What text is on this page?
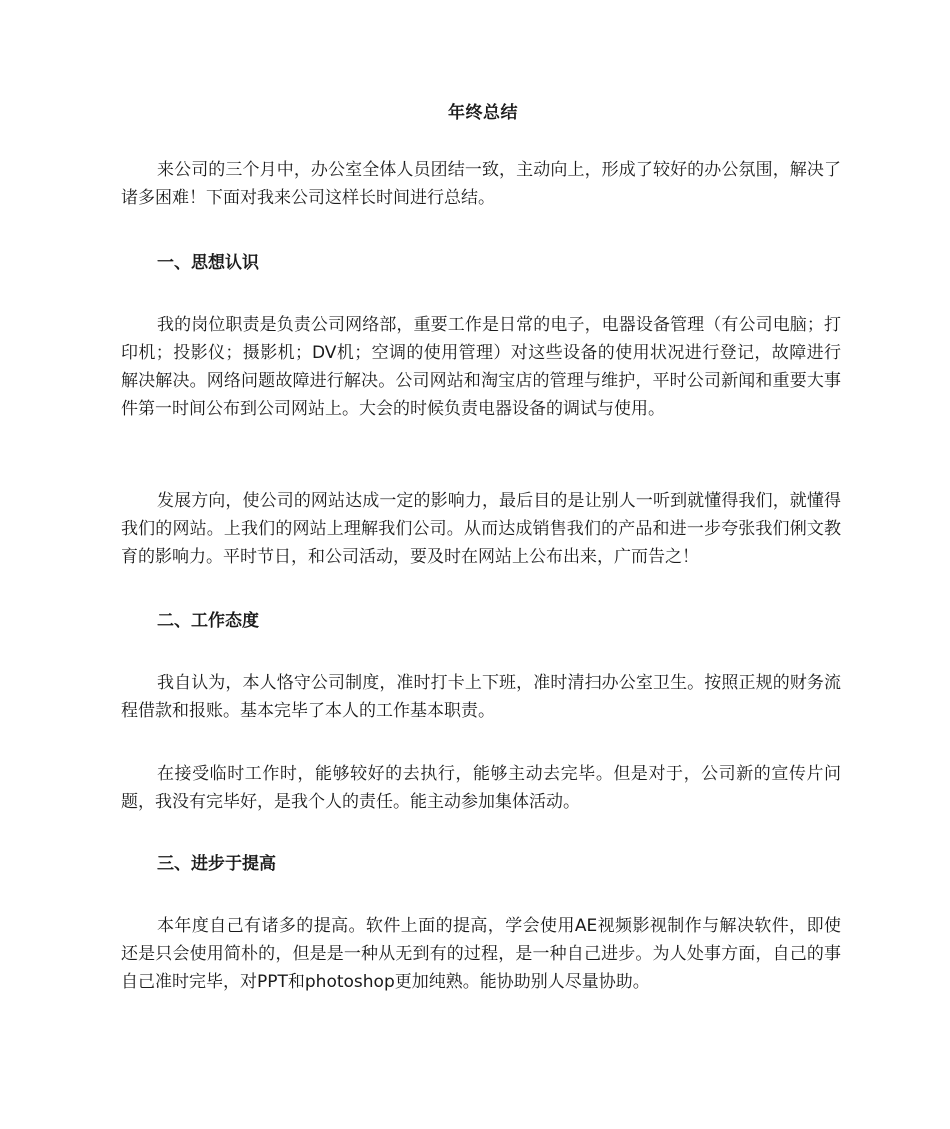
年终总结
来公司的三个月中，办公室全体人员团结一致，主动向上，形成了较好的办公氛围，解决了诸多困难！下面对我来公司这样长时间进行总结。
一、思想认识
我的岗位职责是负责公司网络部，重要工作是日常的电子，电器设备管理（有公司电脑；打印机；投影仪；摄影机；DV机；空调的使用管理）对这些设备的使用状况进行登记，故障进行解决解决。网络问题故障进行解决。公司网站和淘宝店的管理与维护，平时公司新闻和重要大事件第一时间公布到公司网站上。大会的时候负责电器设备的调试与使用。
发展方向，使公司的网站达成一定的影响力，最后目的是让别人一听到就懂得我们，就懂得我们的网站。上我们的网站上理解我们公司。从而达成销售我们的产品和进一步夸张我们俐文教育的影响力。平时节日，和公司活动，要及时在网站上公布出来，广而告之！
二、工作态度
我自认为，本人恪守公司制度，准时打卡上下班，准时清扫办公室卫生。按照正规的财务流程借款和报账。基本完毕了本人的工作基本职责。
在接受临时工作时，能够较好的去执行，能够主动去完毕。但是对于，公司新的宣传片问题，我没有完毕好，是我个人的责任。能主动参加集体活动。
三、进步于提高
本年度自己有诸多的提高。软件上面的提高，学会使用AE视频影视制作与解决软件，即使还是只会使用简朴的，但是是一种从无到有的过程，是一种自己进步。为人处事方面，自己的事自己准时完毕，对PPT和photoshop更加纯熟。能协助别人尽量协助。
